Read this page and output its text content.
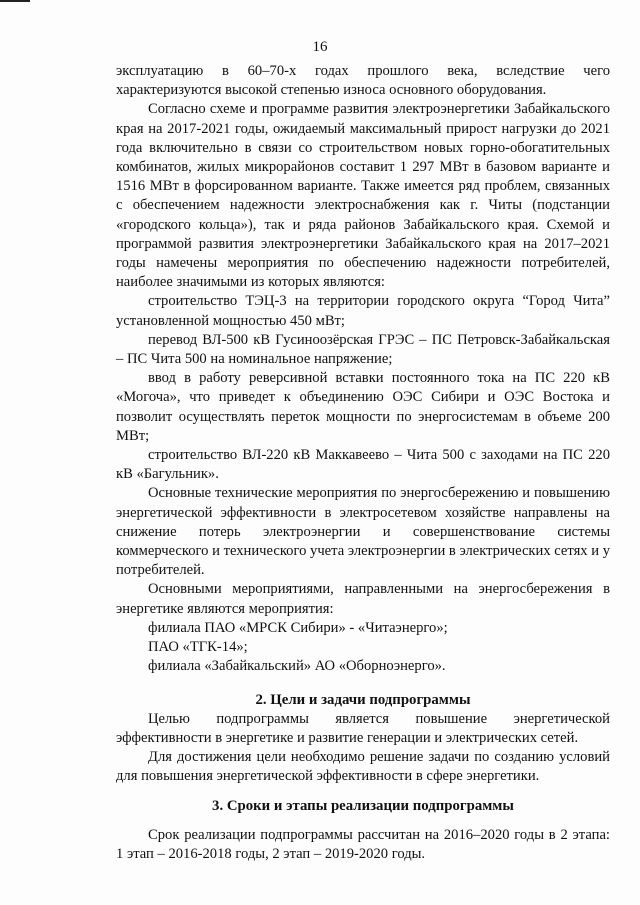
16

эксплуатацию в 60–70-х годах прошлого века, вследствие чего характеризуются высокой степенью износа основного оборудования.

Согласно схеме и программе развития электроэнергетики Забайкальского края на 2017-2021 годы, ожидаемый максимальный прирост нагрузки до 2021 года включительно в связи со строительством новых горно-обогатительных комбинатов, жилых микрорайонов составит 1 297 МВт в базовом варианте и 1516 МВт в форсированном варианте. Также имеется ряд проблем, связанных с обеспечением надежности электроснабжения как г. Читы (подстанции «городского кольца»), так и ряда районов Забайкальского края. Схемой и программой развития электроэнергетики Забайкальского края на 2017–2021 годы намечены мероприятия по обеспечению надежности потребителей, наиболее значимыми из которых являются:

строительство ТЭЦ-3 на территории городского округа “Город Чита” установленной мощностью 450 мВт;

перевод ВЛ-500 кВ Гусиноозёрская ГРЭС – ПС Петровск-Забайкальская – ПС Чита 500 на номинальное напряжение;

ввод в работу реверсивной вставки постоянного тока на ПС 220 кВ «Могоча», что приведет к объединению ОЭС Сибири и ОЭС Востока и позволит осуществлять переток мощности по энергосистемам в объеме 200 МВт;

строительство ВЛ-220 кВ Маккавеево – Чита 500 с заходами на ПС 220 кВ «Багульник».

Основные технические мероприятия по энергосбережению и повышению энергетической эффективности в электросетевом хозяйстве направлены на снижение потерь электроэнергии и совершенствование системы коммерческого и технического учета электроэнергии в электрических сетях и у потребителей.

Основными мероприятиями, направленными на энергосбережения в энергетике являются мероприятия:

филиала ПАО «МРСК Сибири» - «Читаэнерго»;

ПАО «ТГК-14»;

филиала «Забайкальский» АО «Оборноэнерго».

2. Цели и задачи подпрограммы

Целью подпрограммы является повышение энергетической эффективности в энергетике и развитие генерации и электрических сетей.

Для достижения цели необходимо решение задачи по созданию условий для повышения энергетической эффективности в сфере энергетики.

3. Сроки и этапы реализации подпрограммы

Срок реализации подпрограммы рассчитан на 2016–2020 годы в 2 этапа: 1 этап – 2016-2018 годы, 2 этап – 2019-2020 годы.
